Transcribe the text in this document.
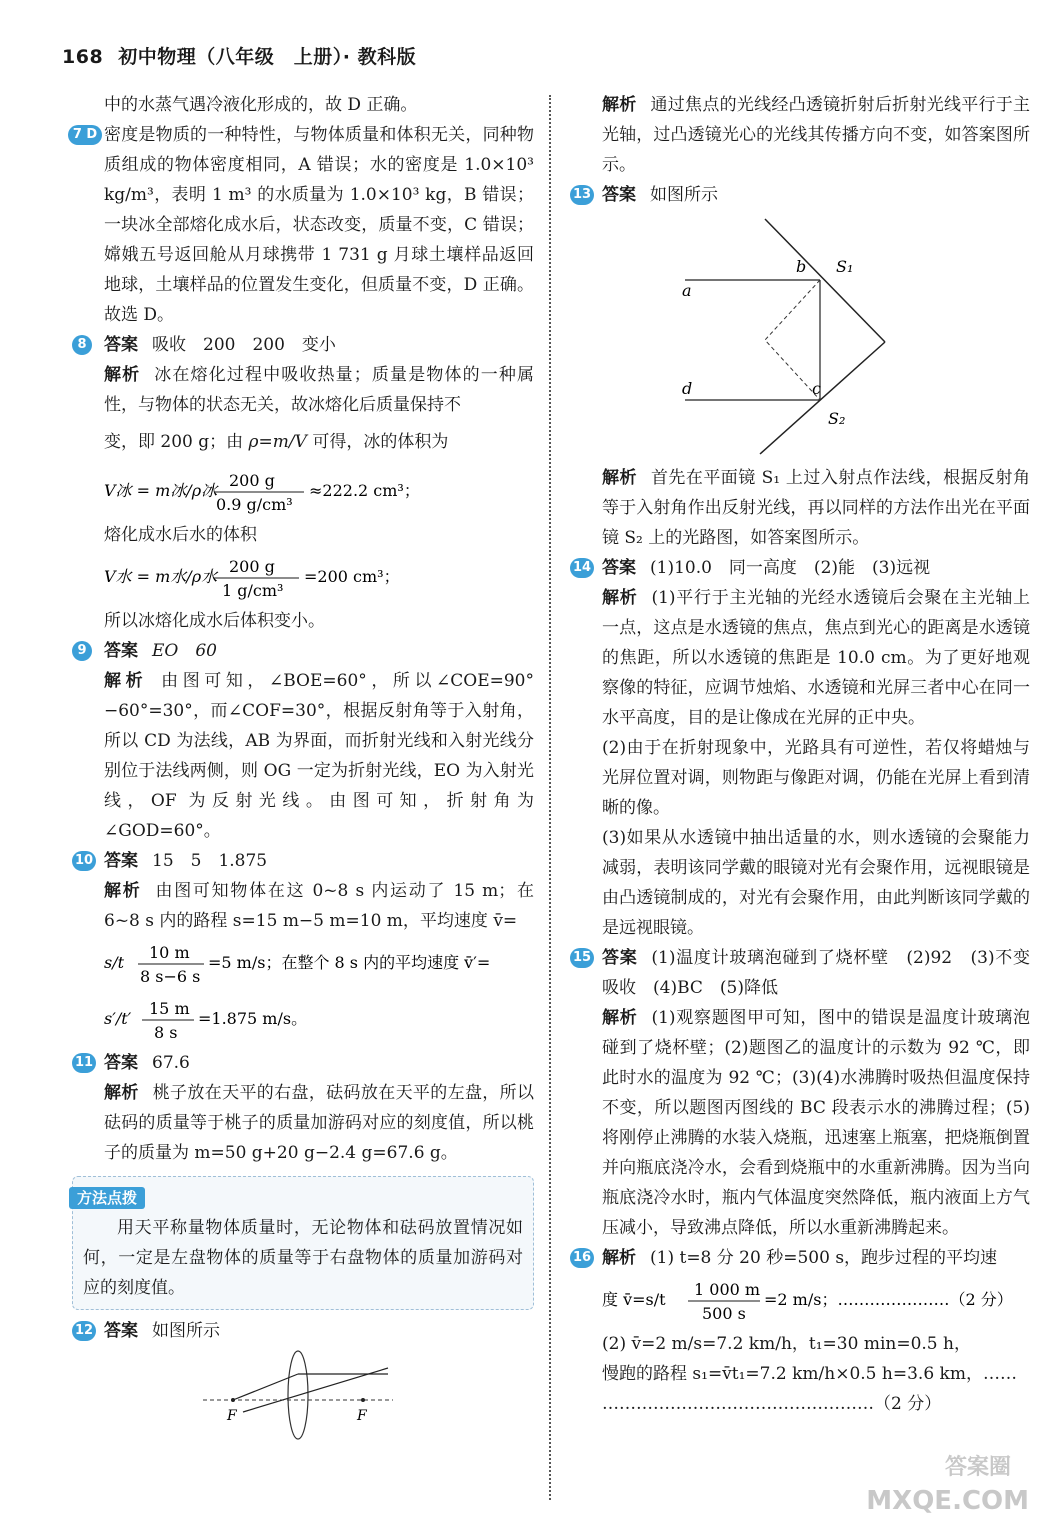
168 初中物理（八年级　上册）· 教科版

中的水蒸气遇冷液化形成的，故 D 正确。

7 D 密度是物质的一种特性，与物体质量和体积无关，同种物质组成的物体密度相同，A 错误；水的密度是 1.0×10³ kg/m³，表明 1 m³ 的水质量为 1.0×10³ kg，B 错误；一块冰全部熔化成水后，状态改变，质量不变，C 错误；嫦娥五号返回舱从月球携带 1 731 g 月球土壤样品返回地球，土壤样品的位置发生变化，但质量不变，D 正确。故选 D。

8	答案 吸收　200　200　变小

解析 冰在熔化过程中吸收热量；质量是物体的一种属性，与物体的状态无关，故冰熔化后质量保持不

变，即 200 g；由 ρ=m/V 可得，冰的体积为

V冰 = m冰/ρ冰
200 g
0.9 g/cm³
≈222.2 cm³；

熔化成水后水的体积

V水 = m水/ρ水
200 g
1 g/cm³
=200 cm³；

所以冰熔化成水后体积变小。

9	答案 EO　60

解析 由图可知，∠BOE=60°，所以∠COE=90°−60°=30°，而∠COF=30°，根据反射角等于入射角，所以 CD 为法线，AB 为界面，而折射光线和入射光线分别位于法线两侧，则 OG 一定为折射光线，EO 为入射光线，OF 为反射光线。由图可知，折射角为∠GOD=60°。

10 答案 15　5　1.875

解析 由图可知物体在这 0~8 s 内运动了 15 m；在 6~8 s 内的路程 s=15 m−5 m=10 m，平均速度 v̄=

s/t
10 m
8 s−6 s
=5 m/s；在整个 8 s 内的平均速度 v̄′=
s′/t′
15 m
8 s
=1.875 m/s。
11 答案 67.6

解析 桃子放在天平的右盘，砝码放在天平的左盘，所以砝码的质量等于桃子的质量加游码对应的刻度值，所以桃子的质量为 m=50 g+20 g−2.4 g=67.6 g。

方法点拨

用天平称量物体质量时，无论物体和砝码放置情况如何，一定是左盘物体的质量等于右盘物体的质量加游码对应的刻度值。

12 答案 如图所示

F	F

解析 通过焦点的光线经凸透镜折射后折射光线平行于主光轴，过凸透镜光心的光线其传播方向不变，如答案图所示。

13 答案 如图所示

a
b S₁
c
d
S₂

解析 首先在平面镜 S₁ 上过入射点作法线，根据反射角等于入射角作出反射光线，再以同样的方法作出光在平面镜 S₂ 上的光路图，如答案图所示。

14 答案 (1)10.0　同一高度　(2)能　(3)远视

解析 (1)平行于主光轴的光经水透镜后会聚在主光轴上一点，这点是水透镜的焦点，焦点到光心的距离是水透镜的焦距，所以水透镜的焦距是 10.0 cm。为了更好地观察像的特征，应调节烛焰、水透镜和光屏三者中心在同一水平高度，目的是让像成在光屏的正中央。

(2)由于在折射现象中，光路具有可逆性，若仅将蜡烛与光屏位置对调，则物距与像距对调，仍能在光屏上看到清晰的像。

(3)如果从水透镜中抽出适量的水，则水透镜的会聚能力减弱，表明该同学戴的眼镜对光有会聚作用，远视眼镜是由凸透镜制成的，对光有会聚作用，由此判断该同学戴的是远视眼镜。

15 答案 (1)温度计玻璃泡碰到了烧杯壁　(2)92　(3)不变　吸收　(4)BC　(5)降低

解析 (1)观察题图甲可知，图中的错误是温度计玻璃泡碰到了烧杯壁；(2)题图乙的温度计的示数为 92 ℃，即此时水的温度为 92 ℃；(3)(4)水沸腾时吸热但温度保持不变，所以题图丙图线的 BC 段表示水的沸腾过程；(5)将刚停止沸腾的水装入烧瓶，迅速塞上瓶塞，把烧瓶倒置并向瓶底浇冷水，会看到烧瓶中的水重新沸腾。因为当向瓶底浇冷水时，瓶内气体温度突然降低，瓶内液面上方气压减小，导致沸点降低，所以水重新沸腾起来。

16 解析 (1) t=8 分 20 秒=500 s，跑步过程的平均速

度 v̄=s/t
1 000 m
500 s
=2 m/s；…………………（2 分）

(2) v̄=2 m/s=7.2 km/h，t₁=30 min=0.5 h，

慢跑的路程 s₁=v̄t₁=7.2 km/h×0.5 h=3.6 km，……

…………………………………………（2 分）

答案圈
MXQE.COM
